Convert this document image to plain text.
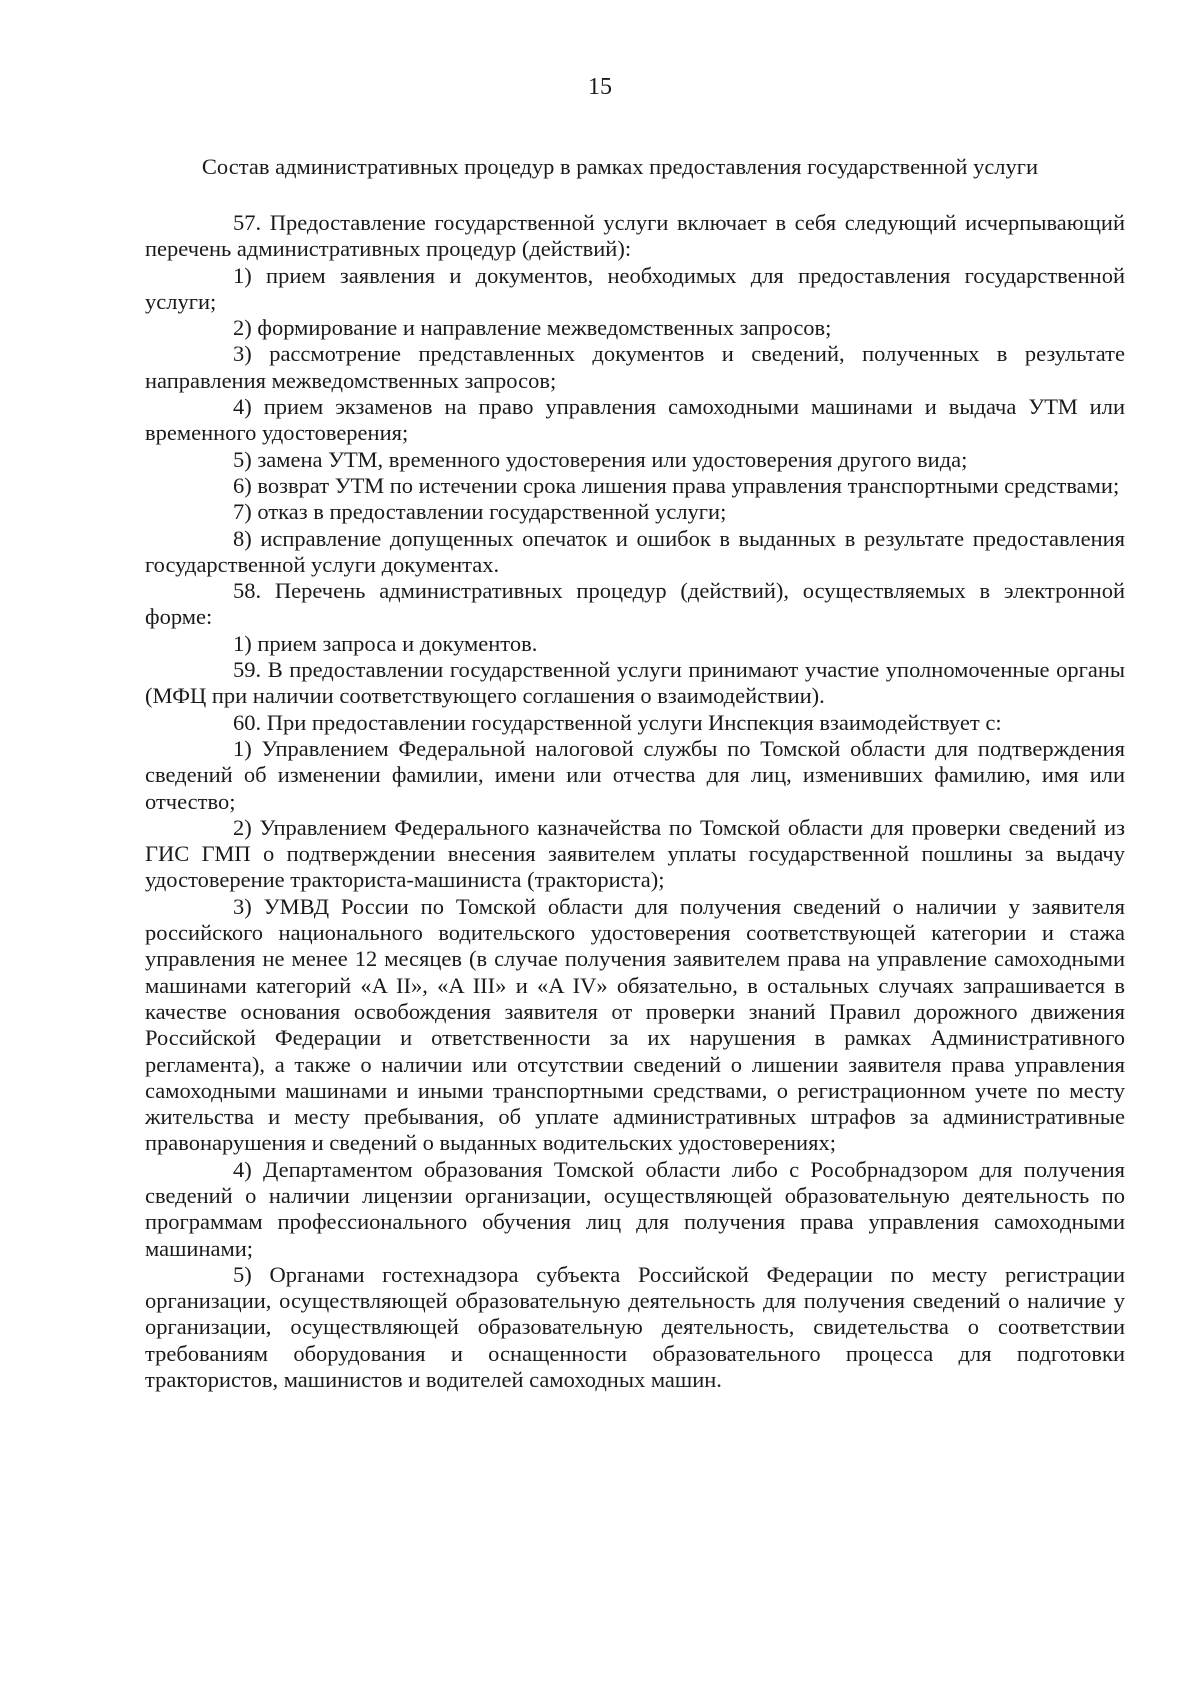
15
Состав административных процедур в рамках предоставления государственной услуги

57. Предоставление государственной услуги включает в себя следующий исчерпывающий перечень административных процедур (действий):

1) прием заявления и документов, необходимых для предоставления государственной услуги;

2) формирование и направление межведомственных запросов;

3) рассмотрение представленных документов и сведений, полученных в результате направления межведомственных запросов;

4) прием экзаменов на право управления самоходными машинами и выдача УТМ или временного удостоверения;

5) замена УТМ, временного удостоверения или удостоверения другого вида;

6) возврат УТМ по истечении срока лишения права управления транспортными средствами;

7) отказ в предоставлении государственной услуги;

8) исправление допущенных опечаток и ошибок в выданных в результате предоставления государственной услуги документах.

58. Перечень административных процедур (действий), осуществляемых в электронной форме:

1) прием запроса и документов.

59. В предоставлении государственной услуги принимают участие уполномоченные органы (МФЦ при наличии соответствующего соглашения о взаимодействии).

60. При предоставлении государственной услуги Инспекция взаимодействует с:

1) Управлением Федеральной налоговой службы по Томской области для подтверждения сведений об изменении фамилии, имени или отчества для лиц, изменивших фамилию, имя или отчество;

2) Управлением Федерального казначейства по Томской области для проверки сведений из ГИС ГМП о подтверждении внесения заявителем уплаты государственной пошлины за выдачу удостоверение тракториста-машиниста (тракториста);

3) УМВД России по Томской области для получения сведений о наличии у заявителя российского национального водительского удостоверения соответствующей категории и стажа управления не менее 12 месяцев (в случае получения заявителем права на управление самоходными машинами категорий «A II», «A III» и «A IV» обязательно, в остальных случаях запрашивается в качестве основания освобождения заявителя от проверки знаний Правил дорожного движения Российской Федерации и ответственности за их нарушения в рамках Административного регламента), а также о наличии или отсутствии сведений о лишении заявителя права управления самоходными машинами и иными транспортными средствами, о регистрационном учете по месту жительства и месту пребывания, об уплате административных штрафов за административные правонарушения и сведений о выданных водительских удостоверениях;

4) Департаментом образования Томской области либо с Рособрнадзором для получения сведений о наличии лицензии организации, осуществляющей образовательную деятельность по программам профессионального обучения лиц для получения права управления самоходными машинами;

5) Органами гостехнадзора субъекта Российской Федерации по месту регистрации организации, осуществляющей образовательную деятельность для получения сведений о наличие у организации, осуществляющей образовательную деятельность, свидетельства о соответствии требованиям оборудования и оснащенности образовательного процесса для подготовки трактористов, машинистов и водителей самоходных машин.
